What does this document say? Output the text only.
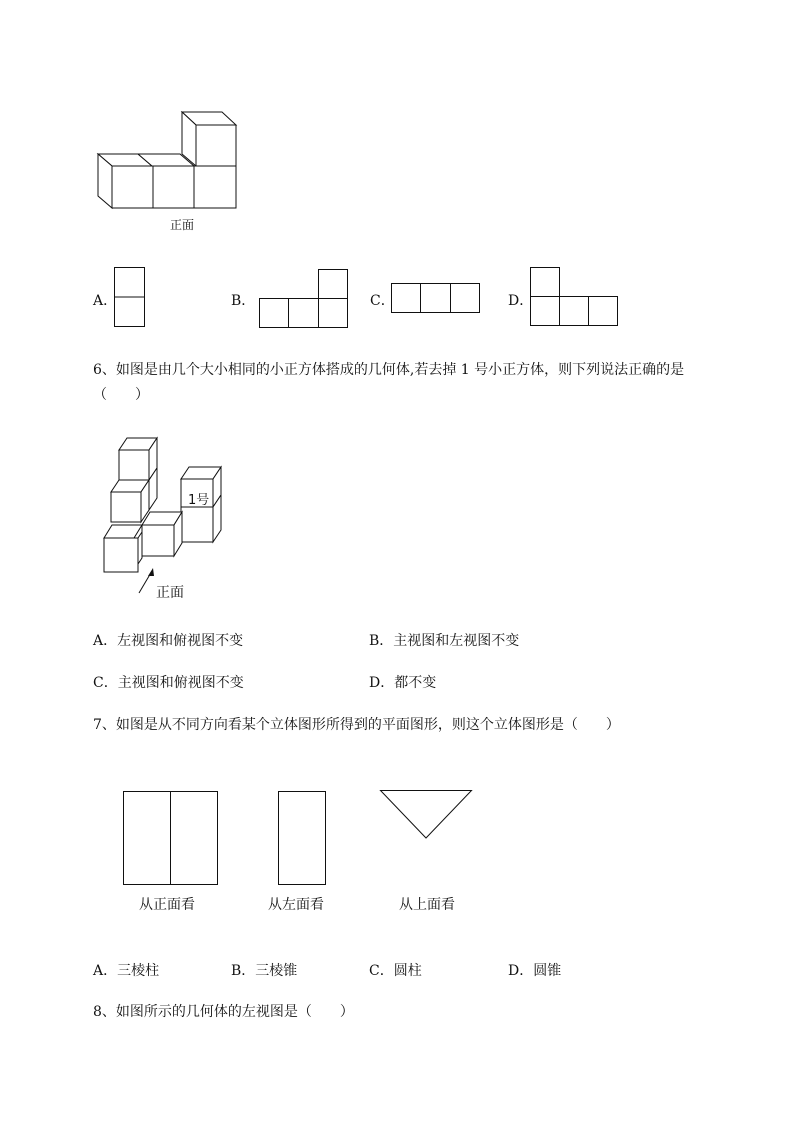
正面
A．	B．	C．	D．
6、如图是由几个大小相同的小正方体搭成的几何体,若去掉 1 号小正方体，则下列说法正确的是
（　　）
1号
正面
A．左视图和俯视图不变	B．主视图和左视图不变
C．主视图和俯视图不变	D．都不变
7、如图是从不同方向看某个立体图形所得到的平面图形，则这个立体图形是（　　）
从正面看	从左面看	从上面看
A．三棱柱	B．三棱锥	C．圆柱	D．圆锥
8、如图所示的几何体的左视图是（　　）
